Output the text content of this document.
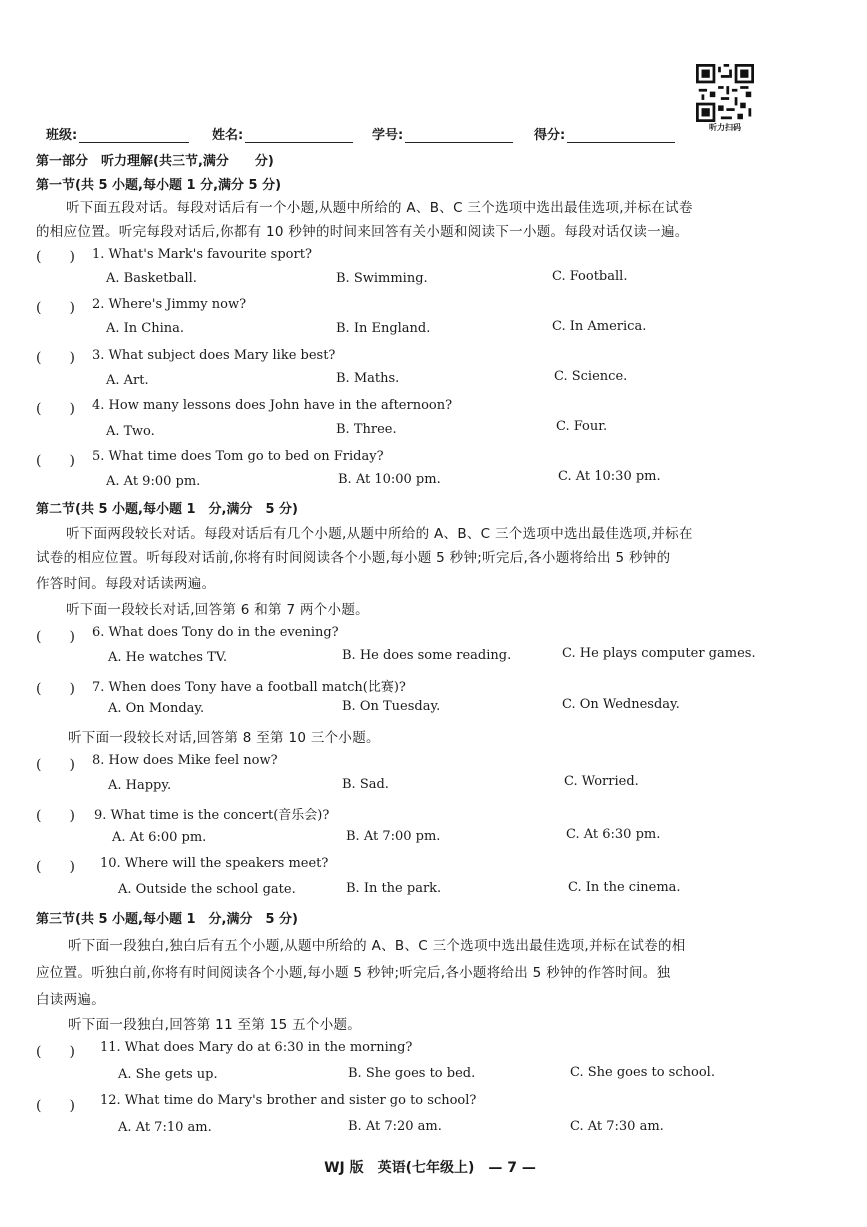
听力扫码
班级:	姓名:	学号:	得分:
第一部分　听力理解(共三节,满分　　分)
第一节(共 5 小题,每小题 1 分,满分 5 分)
听下面五段对话。每段对话后有一个小题,从题中所给的 A、B、C 三个选项中选出最佳选项,并标在试卷
的相应位置。听完每段对话后,你都有 10 秒钟的时间来回答有关小题和阅读下一小题。每段对话仅读一遍。
(　　) 1. What's Mark's favourite sport?
A. Basketball.	B. Swimming.	C. Football.
(　　) 2. Where's Jimmy now?
A. In China.	B. In England.	C. In America.
(　　) 3. What subject does Mary like best?
A. Art.	B. Maths.	C. Science.
(　　) 4. How many lessons does John have in the afternoon?
A. Two.	B. Three.	C. Four.
(　　) 5. What time does Tom go to bed on Friday?
A. At 9:00 pm.	B. At 10:00 pm.	C. At 10:30 pm.
第二节(共 5 小题,每小题 1　分,满分　5 分)
听下面两段较长对话。每段对话后有几个小题,从题中所给的 A、B、C 三个选项中选出最佳选项,并标在
试卷的相应位置。听每段对话前,你将有时间阅读各个小题,每小题 5 秒钟;听完后,各小题将给出 5 秒钟的
作答时间。每段对话读两遍。
听下面一段较长对话,回答第 6 和第 7 两个小题。
(　　) 6. What does Tony do in the evening?
A. He watches TV.	B. He does some reading.	C. He plays computer games.
(　　) 7. When does Tony have a football match(比赛)?
A. On Monday.	B. On Tuesday.	C. On Wednesday.
听下面一段较长对话,回答第 8 至第 10 三个小题。
(　　) 8. How does Mike feel now?
A. Happy.	B. Sad.	C. Worried.
(　　) 9. What time is the concert(音乐会)?
A. At 6:00 pm.	B. At 7:00 pm.	C. At 6:30 pm.
(　　) 10. Where will the speakers meet?
A. Outside the school gate.	B. In the park.	C. In the cinema.
第三节(共 5 小题,每小题 1　分,满分　5 分)
听下面一段独白,独白后有五个小题,从题中所给的 A、B、C 三个选项中选出最佳选项,并标在试卷的相
应位置。听独白前,你将有时间阅读各个小题,每小题 5 秒钟;听完后,各小题将给出 5 秒钟的作答时间。独
白读两遍。
听下面一段独白,回答第 11 至第 15 五个小题。
(　　) 11. What does Mary do at 6:30 in the morning?
A. She gets up.	B. She goes to bed.	C. She goes to school.
(　　) 12. What time do Mary's brother and sister go to school?
A. At 7:10 am.	B. At 7:20 am.	C. At 7:30 am.
WJ 版　英语(七年级上)　— 7 —
